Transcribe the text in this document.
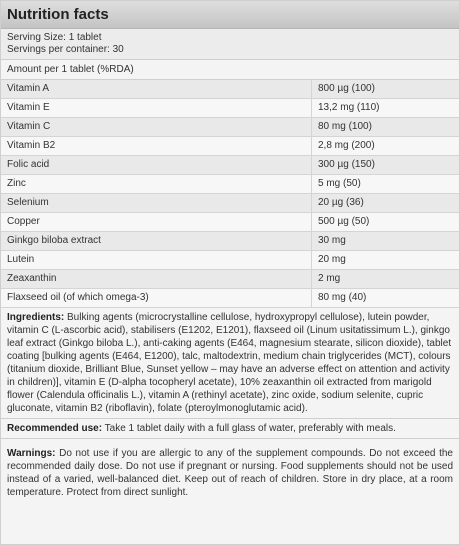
Nutrition facts
Serving Size: 1 tablet
Servings per container: 30
Amount per 1 tablet (%RDA)
Vitamin A	800 µg (100)
Vitamin E	13,2 mg (110)
Vitamin C	80 mg (100)
Vitamin B2	2,8 mg (200)
Folic acid	300 µg (150)
Zinc	5 mg (50)
Selenium	20 µg (36)
Copper	500 µg (50)
Ginkgo biloba extract	30 mg
Lutein	20 mg
Zeaxanthin	2 mg
Flaxseed oil (of which omega-3)	80 mg (40)
Ingredients: Bulking agents (microcrystalline cellulose, hydroxypropyl cellulose), lutein powder, vitamin C (L-ascorbic acid), stabilisers (E1202, E1201), flaxseed oil (Linum usitatissimum L.), ginkgo leaf extract (Ginkgo biloba L.), anti-caking agents (E464, magnesium stearate, silicon dioxide), tablet coating [bulking agents (E464, E1200), talc, maltodextrin, medium chain triglycerides (MCT), colours (titanium dioxide, Brilliant Blue, Sunset yellow – may have an adverse effect on attention and activity in children)], vitamin E (D-alpha tocopheryl acetate), 10% zeaxanthin oil extracted from marigold flower (Calendula officinalis L.), vitamin A (rethinyl acetate), zinc oxide, sodium selenite, cupric gluconate, vitamin B2 (riboflavin), folate (pteroylmonoglutamic acid).
Recommended use: Take 1 tablet daily with a full glass of water, preferably with meals.
Warnings: Do not use if you are allergic to any of the supplement compounds. Do not exceed the recommended daily dose. Do not use if pregnant or nursing. Food supplements should not be used instead of a varied, well-balanced diet. Keep out of reach of children. Store in dry place, at a room temperature. Protect from direct sunlight.
